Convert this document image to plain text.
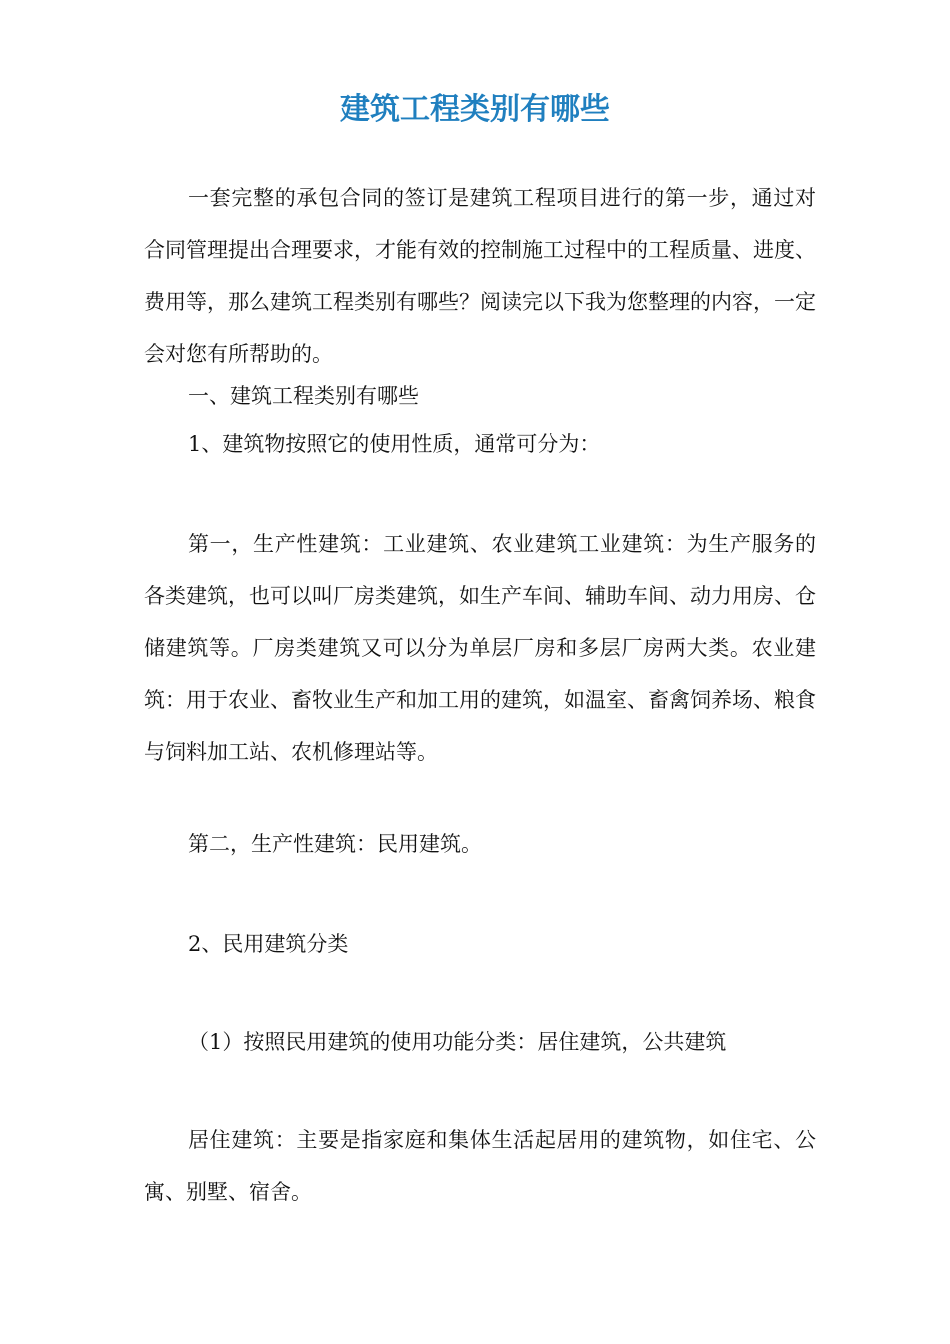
建筑工程类别有哪些

一套完整的承包合同的签订是建筑工程项目进行的第一步，通过对合同管理提出合理要求，才能有效的控制施工过程中的工程质量、进度、费用等，那么建筑工程类别有哪些？阅读完以下我为您整理的内容，一定会对您有所帮助的。

一、建筑工程类别有哪些

1、建筑物按照它的使用性质，通常可分为：

第一，生产性建筑：工业建筑、农业建筑工业建筑：为生产服务的各类建筑，也可以叫厂房类建筑，如生产车间、辅助车间、动力用房、仓储建筑等。厂房类建筑又可以分为单层厂房和多层厂房两大类。农业建筑：用于农业、畜牧业生产和加工用的建筑，如温室、畜禽饲养场、粮食与饲料加工站、农机修理站等。

第二，生产性建筑：民用建筑。

2、民用建筑分类

（1）按照民用建筑的使用功能分类：居住建筑，公共建筑

居住建筑：主要是指家庭和集体生活起居用的建筑物，如住宅、公寓、别墅、宿舍。
